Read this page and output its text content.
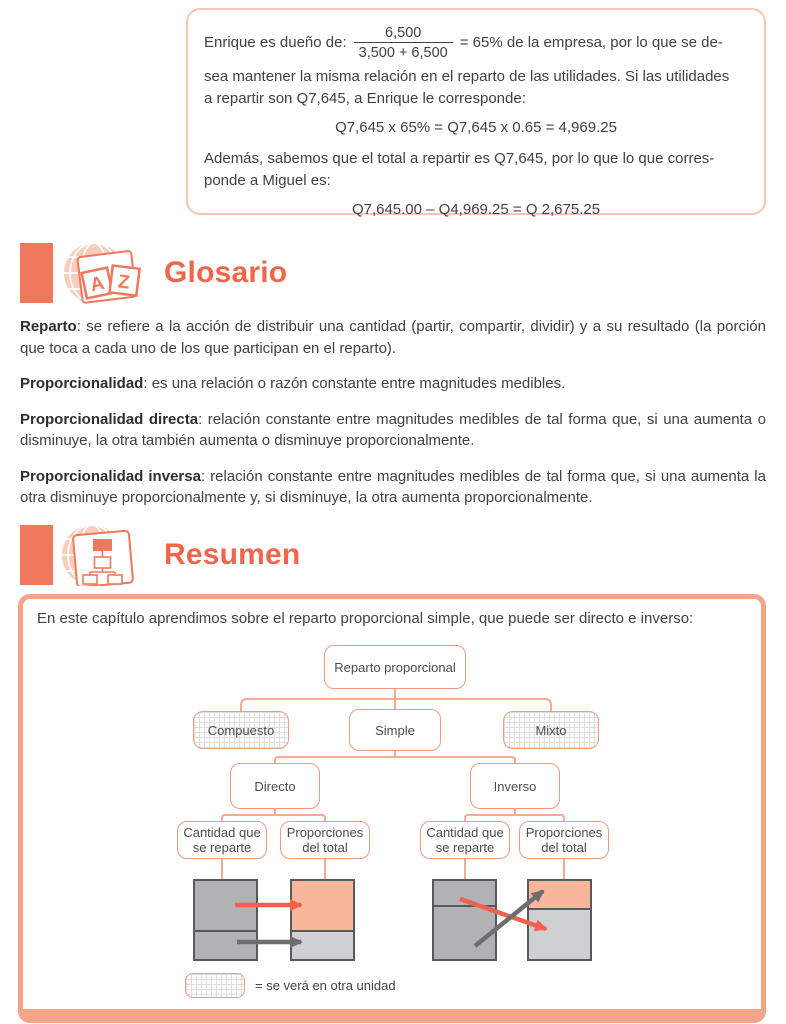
Enrique es dueño de: $\frac{6,500}{3,500 + 6,500} = 65\%$ de la empresa, por lo que se de-
sea mantener la misma relación en el reparto de las utilidades. Si las utilidades
a repartir son Q7,645, a Enrique le corresponde:
Q7,645 x 65% = Q7,645 x 0.65 = 4,969.25
Además, sabemos que el total a repartir es Q7,645, por lo que lo que corres-
ponde a Miguel es:
Q7,645.00 – Q4,969.25 = Q 2,675.25
A Z Glosario

Reparto: se refiere a la acción de distribuir una cantidad (partir, compartir, dividir) y a su resultado (la porción que toca a cada uno de los que participan en el reparto).

Proporcionalidad: es una relación o razón constante entre magnitudes medibles.

Proporcionalidad directa: relación constante entre magnitudes medibles de tal forma que, si una aumenta o disminuye, la otra también aumenta o disminuye proporcionalmente.

Proporcionalidad inversa: relación constante entre magnitudes medibles de tal forma que, si una aumenta la otra disminuye proporcionalmente y, si disminuye, la otra aumenta proporcionalmente.

Resumen
En este capítulo aprendimos sobre el reparto proporcional simple, que puede ser directo e inverso:
Reparto proporcional
Compuesto	Simple	Mixto
Directo	Inverso
Cantidad que se reparte
Proporciones del total
Cantidad que se reparte
Proporciones del total
= se verá en otra unidad
